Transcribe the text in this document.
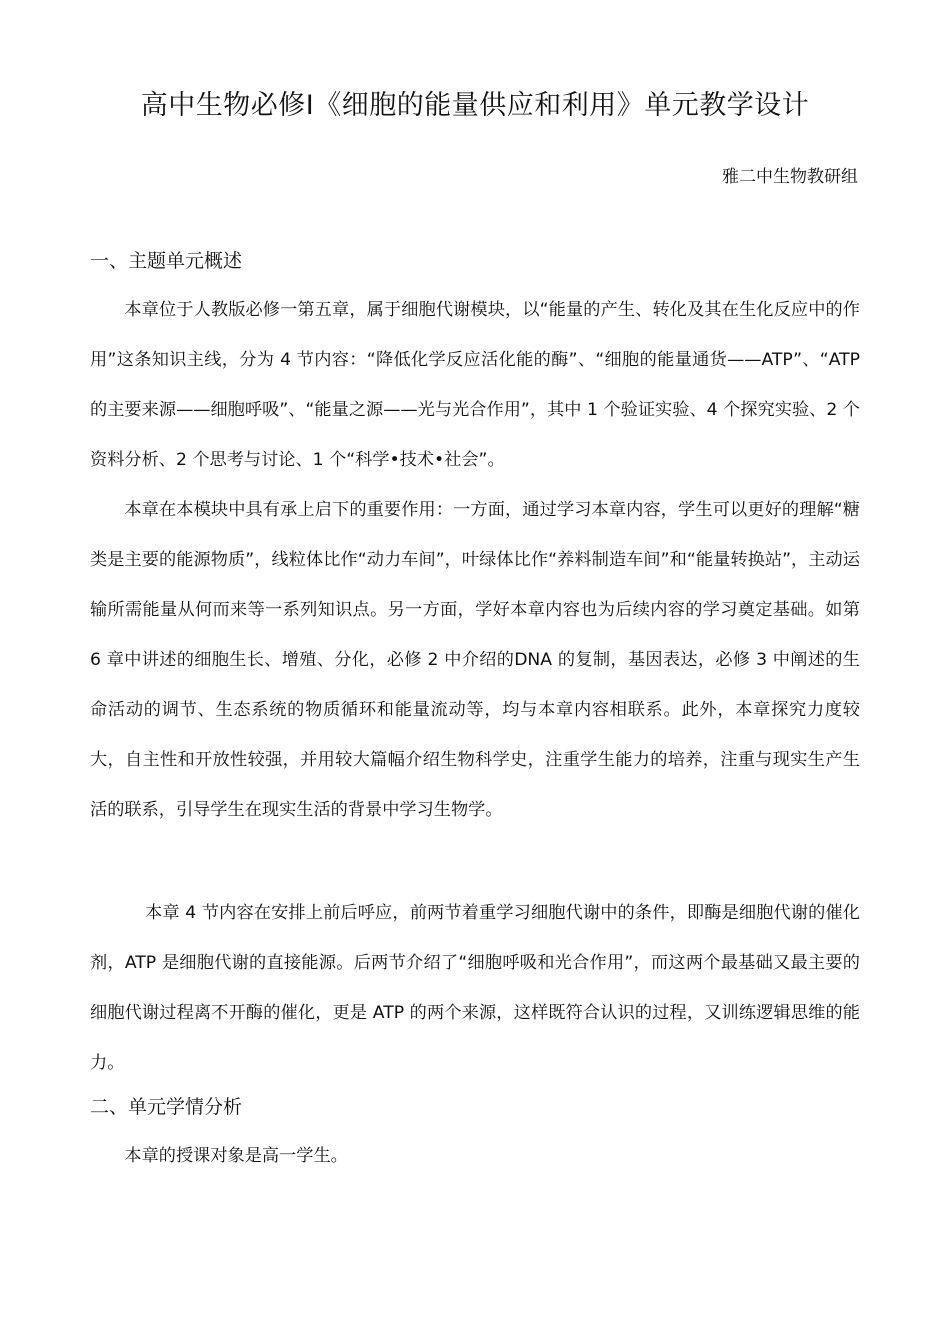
高中生物必修Ⅰ《细胞的能量供应和利用》单元教学设计
雅二中生物教研组
一、主题单元概述

本章位于人教版必修一第五章，属于细胞代谢模块，以“能量的产生、转化及其在生化反应中的作用”这条知识主线，分为 4 节内容：“降低化学反应活化能的酶”、“细胞的能量通货——ATP”、“ATP 的主要来源——细胞呼吸”、“能量之源——光与光合作用”，其中 1 个验证实验、4 个探究实验、2 个资料分析、2 个思考与讨论、1 个“科学•技术•社会”。

本章在本模块中具有承上启下的重要作用：一方面，通过学习本章内容，学生可以更好的理解“糖类是主要的能源物质”，线粒体比作“动力车间”，叶绿体比作“养料制造车间”和“能量转换站”，主动运输所需能量从何而来等一系列知识点。另一方面，学好本章内容也为后续内容的学习奠定基础。如第 6 章中讲述的细胞生长、增殖、分化，必修 2 中介绍的DNA 的复制，基因表达，必修 3 中阐述的生命活动的调节、生态系统的物质循环和能量流动等，均与本章内容相联系。此外，本章探究力度较大，自主性和开放性较强，并用较大篇幅介绍生物科学史，注重学生能力的培养，注重与现实生产生活的联系，引导学生在现实生活的背景中学习生物学。

本章 4 节内容在安排上前后呼应，前两节着重学习细胞代谢中的条件，即酶是细胞代谢的催化剂，ATP 是细胞代谢的直接能源。后两节介绍了“细胞呼吸和光合作用”，而这两个最基础又最主要的细胞代谢过程离不开酶的催化，更是 ATP 的两个来源，这样既符合认识的过程，又训练逻辑思维的能力。

二、单元学情分析

本章的授课对象是高一学生。
